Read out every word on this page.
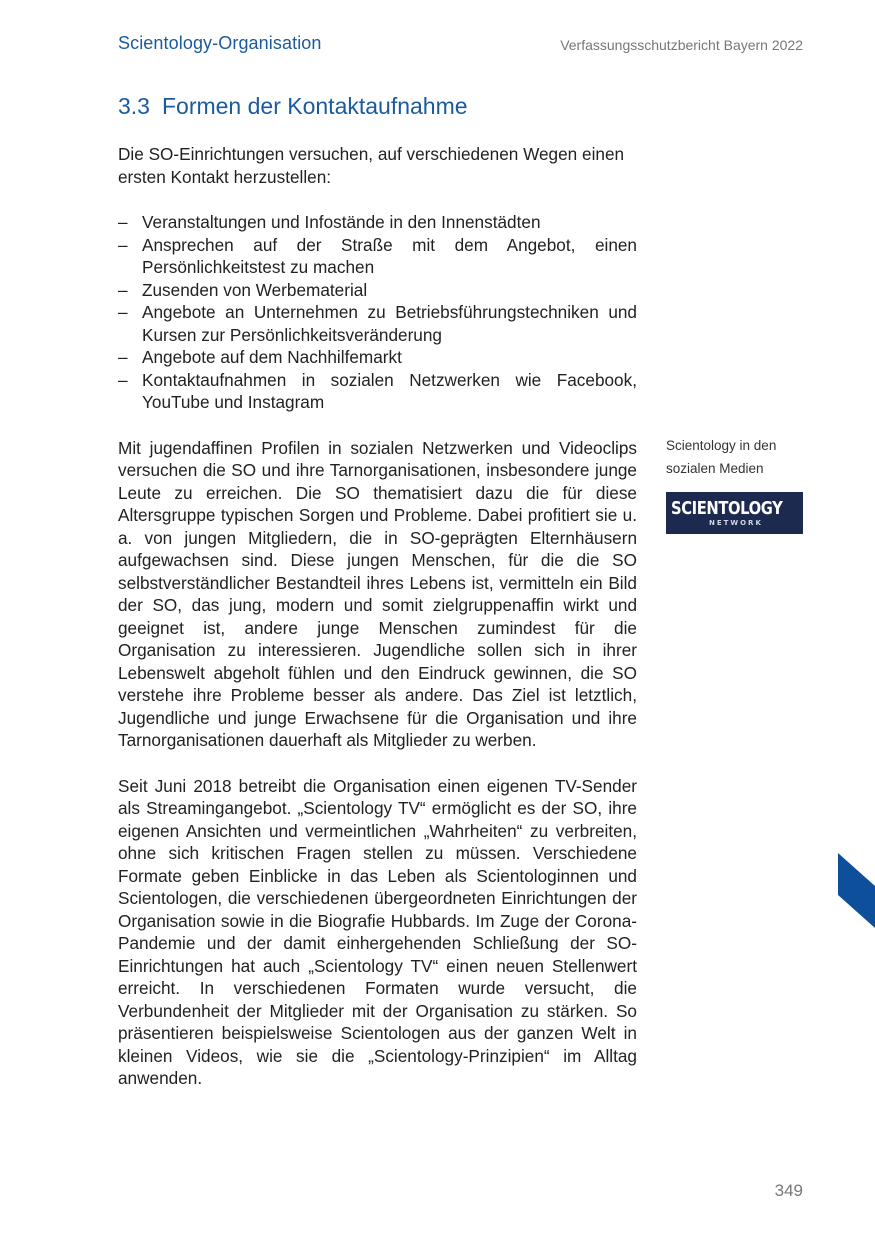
Scientology-Organisation	Verfassungsschutzbericht Bayern 2022
3.3 Formen der Kontaktaufnahme

Die SO-Einrichtungen versuchen, auf verschiedenen Wegen einen ersten Kontakt herzustellen:

– Veranstaltungen und Infostände in den Innenstädten
– Ansprechen auf der Straße mit dem Angebot, einen Persönlichkeitstest zu machen
– Zusenden von Werbematerial
– Angebote an Unternehmen zu Betriebsführungstechniken und Kursen zur Persönlichkeitsveränderung
– Angebote auf dem Nachhilfemarkt
– Kontaktaufnahmen in sozialen Netzwerken wie Facebook, YouTube und Instagram

Mit jugendaffinen Profilen in sozialen Netzwerken und Videoclips versuchen die SO und ihre Tarnorganisationen, insbesondere junge Leute zu erreichen. Die SO thematisiert dazu die für diese Altersgruppe typischen Sorgen und Probleme. Dabei profitiert sie u. a. von jungen Mitgliedern, die in SO-geprägten Elternhäusern aufgewachsen sind. Diese jungen Menschen, für die die SO selbstverständlicher Bestandteil ihres Lebens ist, vermitteln ein Bild der SO, das jung, modern und somit zielgruppenaffin wirkt und geeignet ist, andere junge Menschen zumindest für die Organisation zu interessieren. Jugendliche sollen sich in ihrer Lebenswelt abgeholt fühlen und den Eindruck gewinnen, die SO verstehe ihre Probleme besser als andere. Das Ziel ist letztlich, Jugendliche und junge Erwachsene für die Organisation und ihre Tarnorganisationen dauerhaft als Mitglieder zu werben.

Seit Juni 2018 betreibt die Organisation einen eigenen TV-Sender als Streamingangebot. „Scientology TV“ ermöglicht es der SO, ihre eigenen Ansichten und vermeintlichen „Wahrheiten“ zu verbreiten, ohne sich kritischen Fragen stellen zu müssen. Verschiedene Formate geben Einblicke in das Leben als Scientologinnen und Scientologen, die verschiedenen übergeordneten Einrichtungen der Organisation sowie in die Biografie Hubbards. Im Zuge der Corona-Pandemie und der damit einhergehenden Schließung der SO-Einrichtungen hat auch „Scientology TV“ einen neuen Stellenwert erreicht. In verschiedenen Formaten wurde versucht, die Verbundenheit der Mitglieder mit der Organisation zu stärken. So präsentieren beispielsweise Scientologen aus der ganzen Welt in kleinen Videos, wie sie die „Scientology-Prinzipien“ im Alltag anwenden.

Scientology in den sozialen Medien
SCIENTOLOGY
NETWORK
349
